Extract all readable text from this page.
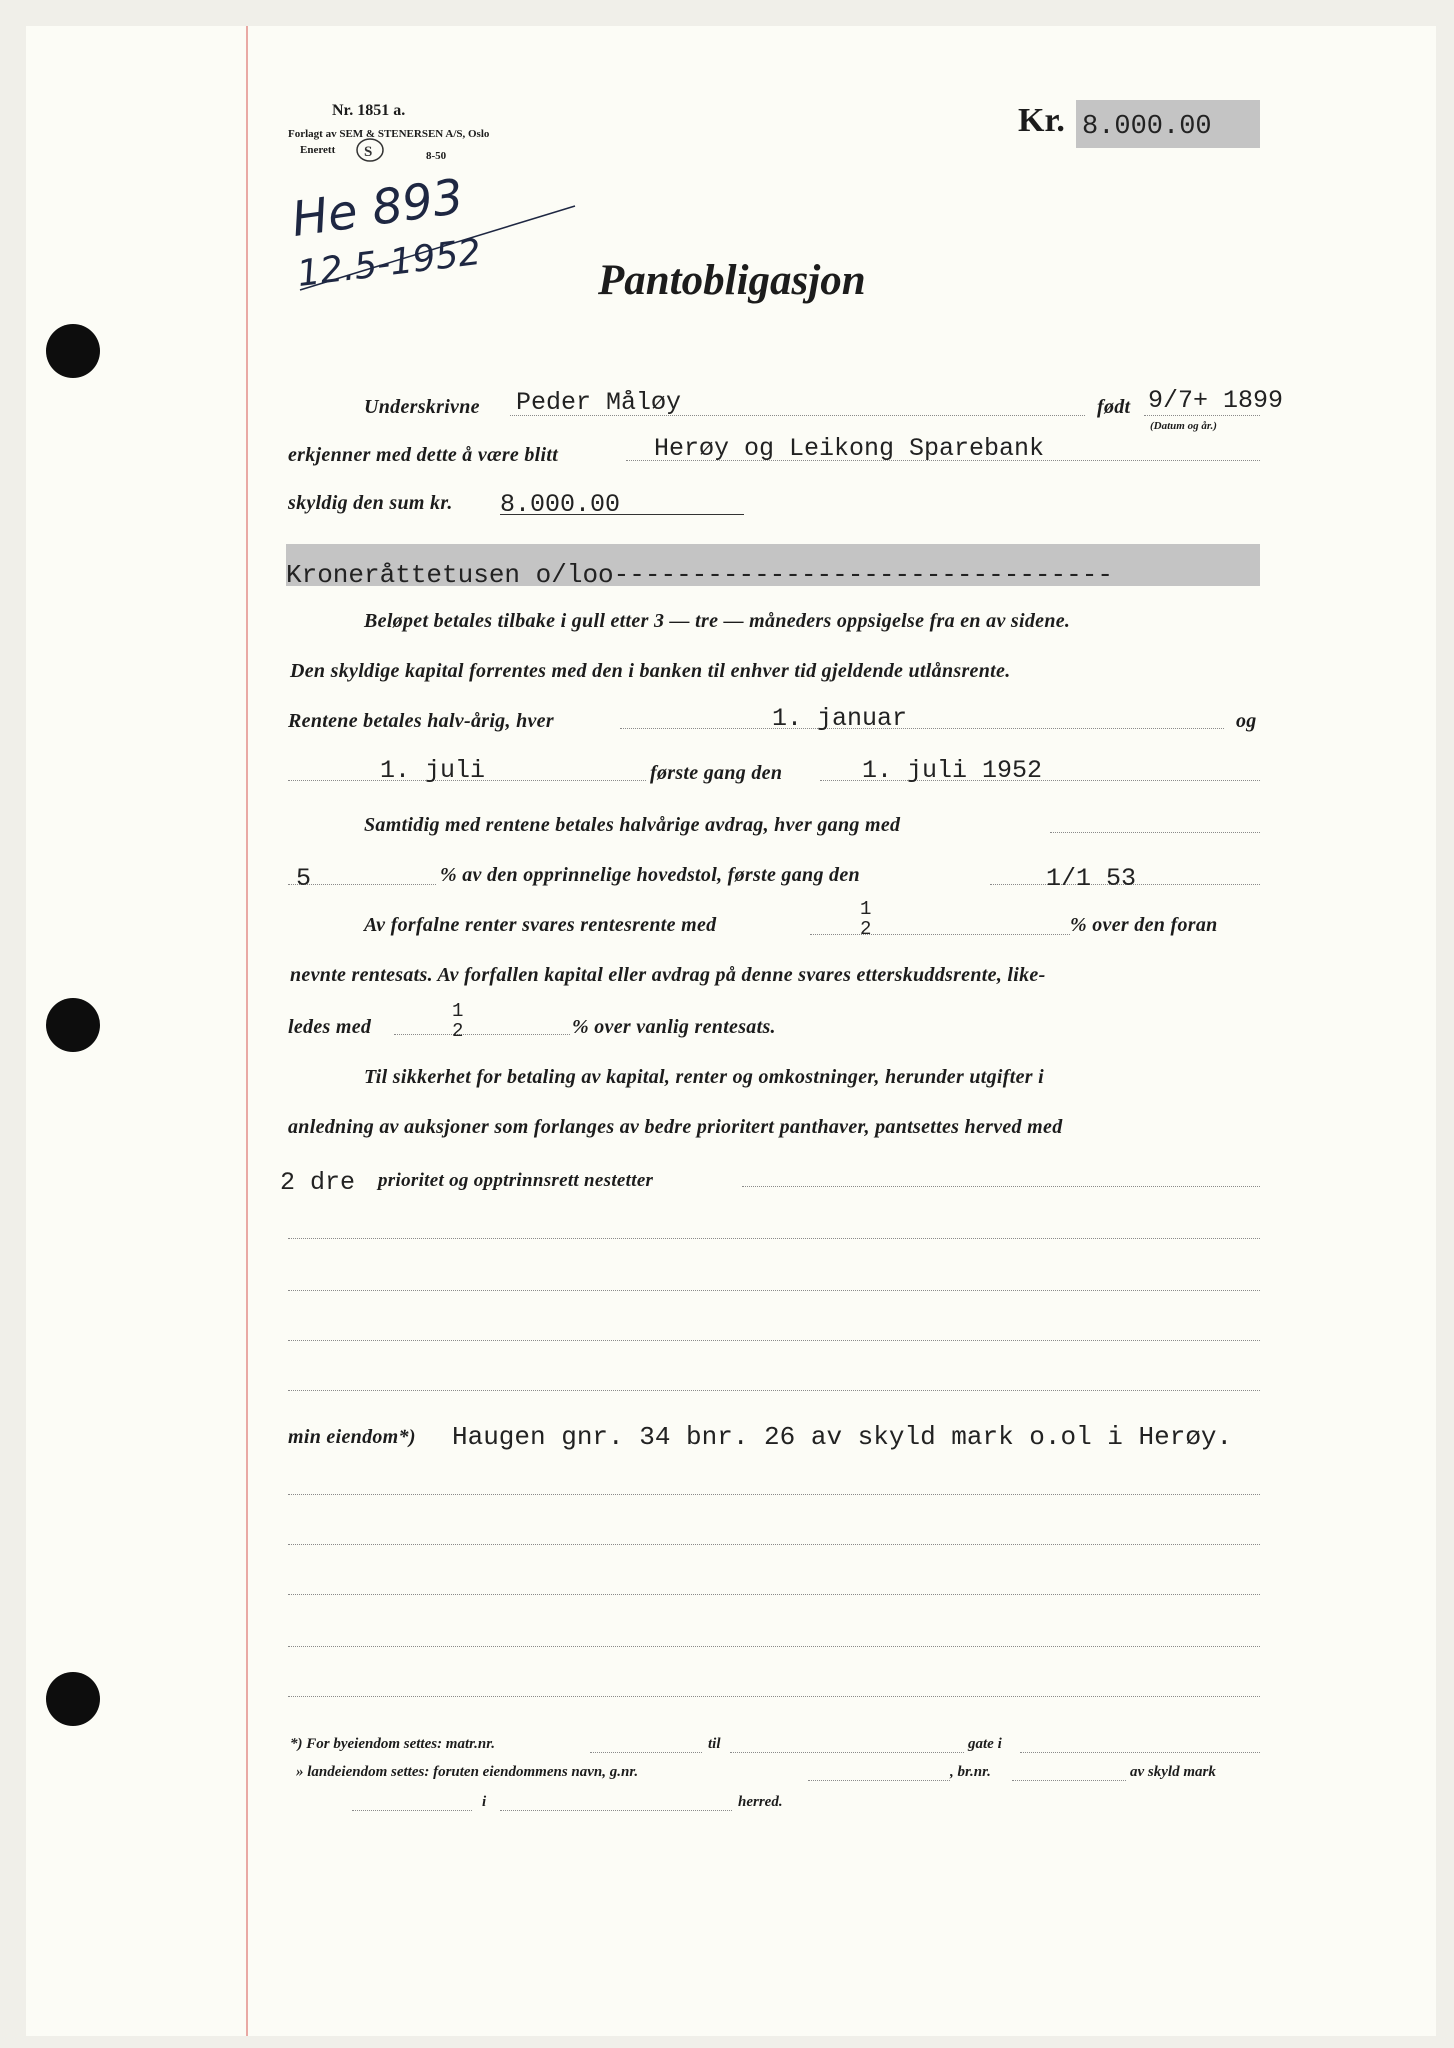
Nr. 1851 a.
Forlagt av SEM & STENERSEN A/S, Oslo
Enerett S	8-50
Kr. 8.000.00
He 893
12.5-1952	Pantobligasjon
Underskrivne Peder Måløy	født 9/7+ 1899
(Datum og år.)
erkjenner med dette å være blitt	Herøy og Leikong Sparebank
skyldig den sum kr. 8.000.00
Kroneråttetusen o/loo--------------------------------
Beløpet betales tilbake i gull etter 3 — tre — måneders oppsigelse fra en av sidene.
Den skyldige kapital forrentes med den i banken til enhver tid gjeldende utlånsrente.
Rentene betales halv-årig, hver	1. januar	og
1. juli	første gang den	1. juli 1952
Samtidig med rentene betales halvårige avdrag, hver gang med
5	% av den opprinnelige hovedstol, første gang den	1/1 53
Av forfalne renter svares rentesrente med
1
2	% over den foran
nevnte rentesats. Av forfallen kapital eller avdrag på denne svares etterskuddsrente, like-
ledes med
1
2	% over vanlig rentesats.
Til sikkerhet for betaling av kapital, renter og omkostninger, herunder utgifter i
anledning av auksjoner som forlanges av bedre prioritert panthaver, pantsettes herved med
2 dre prioritet og opptrinnsrett nestetter
min eiendom*) Haugen gnr. 34 bnr. 26 av skyld mark o.ol i Herøy.
*) For byeiendom settes: matr.nr.	til	gate i
» landeiendom settes: foruten eiendommens navn, g.nr.	, br.nr.	av skyld mark
i	herred.
